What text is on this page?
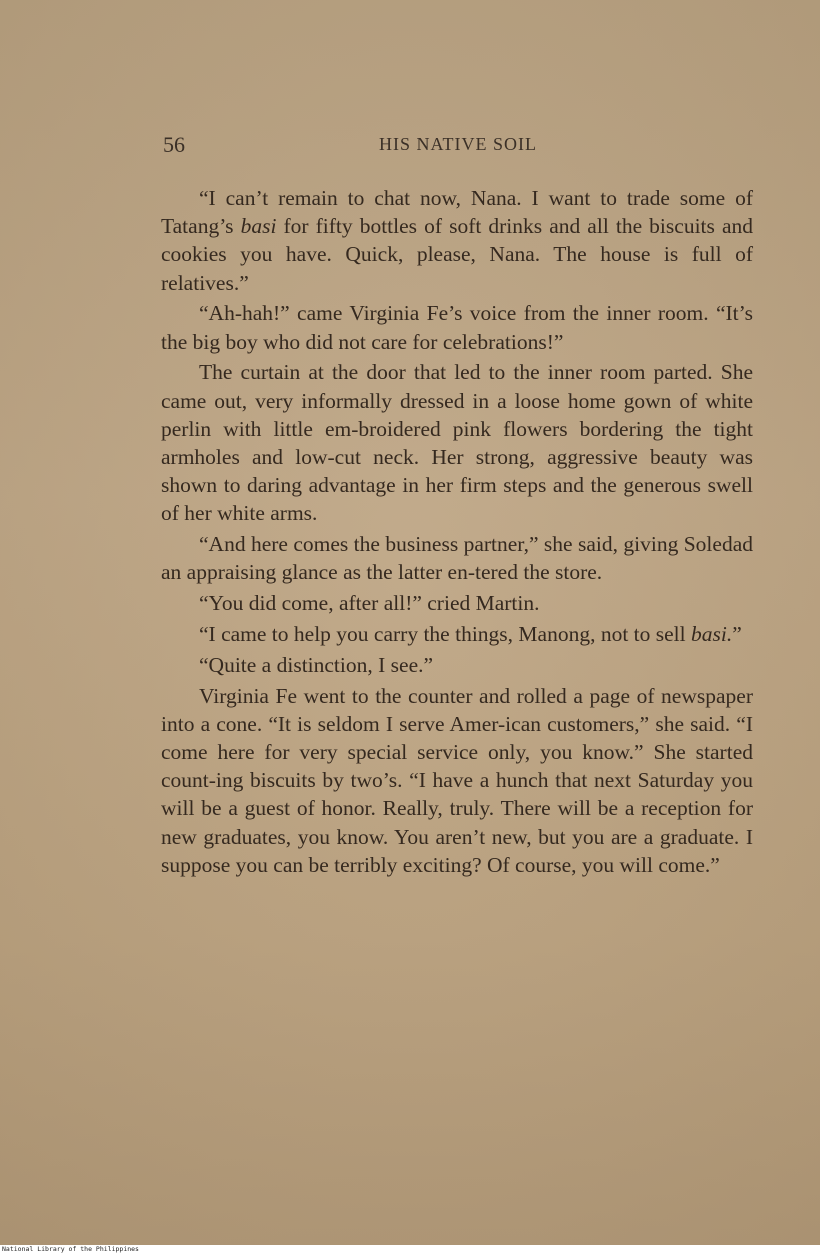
56	HIS NATIVE SOIL

“I can’t remain to chat now, Nana. I want to trade some of Tatang’s basi for fifty bottles of soft drinks and all the biscuits and cookies you have. Quick, please, Nana. The house is full of relatives.”

“Ah-hah!” came Virginia Fe’s voice from the inner room. “It’s the big boy who did not care for celebrations!”

The curtain at the door that led to the inner room parted. She came out, very informally dressed in a loose home gown of white perlin with little em-broidered pink flowers bordering the tight armholes and low-cut neck. Her strong, aggressive beauty was shown to daring advantage in her firm steps and the generous swell of her white arms.

“And here comes the business partner,” she said, giving Soledad an appraising glance as the latter en-tered the store.

“You did come, after all!” cried Martin.

“I came to help you carry the things, Manong, not to sell basi.”

“Quite a distinction, I see.”

Virginia Fe went to the counter and rolled a page of newspaper into a cone. “It is seldom I serve Amer-ican customers,” she said. “I come here for very special service only, you know.” She started count-ing biscuits by two’s. “I have a hunch that next Saturday you will be a guest of honor. Really, truly. There will be a reception for new graduates, you know. You aren’t new, but you are a graduate. I suppose you can be terribly exciting? Of course, you will come.”

National Library of the Philippines
